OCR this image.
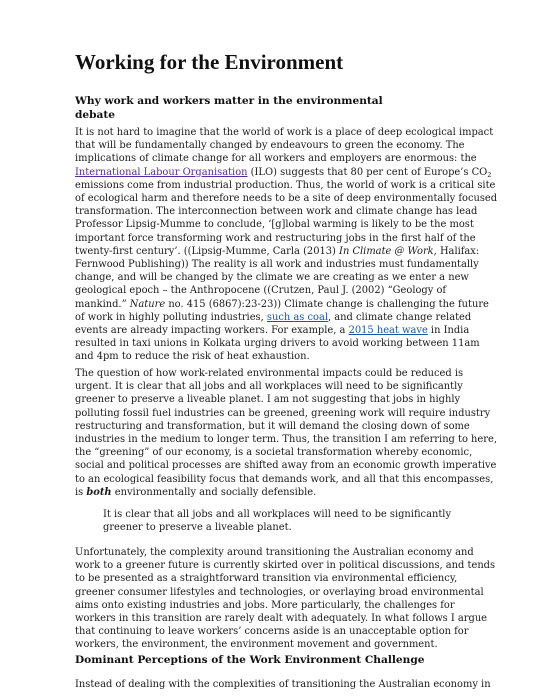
Working for the Environment
Why work and workers matter in the environmental
debate

It is not hard to imagine that the world of work is a place of deep ecological impact
that will be fundamentally changed by endeavours to green the economy. The
implications of climate change for all workers and employers are enormous: the
International Labour Organisation (ILO) suggests that 80 per cent of Europe’s $CO_2$
emissions come from industrial production. Thus, the world of work is a critical site
of ecological harm and therefore needs to be a site of deep environmentally focused
transformation. The interconnection between work and climate change has lead
Professor Lipsig-Mumme to conclude, ‘[g]lobal warming is likely to be the most
important force transforming work and restructuring jobs in the first half of the
twenty-first century’. ((Lipsig-Mumme, Carla (2013) In Climate @ Work, Halifax:
Fernwood Publishing)) The reality is all work and industries must fundamentally
change, and will be changed by the climate we are creating as we enter a new
geological epoch – the Anthropocene ((Crutzen, Paul J. (2002) “Geology of
mankind.” Nature no. 415 (6867):23-23)) Climate change is challenging the future
of work in highly polluting industries, such as coal, and climate change related
events are already impacting workers. For example, a 2015 heat wave in India
resulted in taxi unions in Kolkata urging drivers to avoid working between 11am
and 4pm to reduce the risk of heat exhaustion.

The question of how work-related environmental impacts could be reduced is
urgent. It is clear that all jobs and all workplaces will need to be significantly
greener to preserve a liveable planet. I am not suggesting that jobs in highly
polluting fossil fuel industries can be greened, greening work will require industry
restructuring and transformation, but it will demand the closing down of some
industries in the medium to longer term. Thus, the transition I am referring to here,
the “greening” of our economy, is a societal transformation whereby economic,
social and political processes are shifted away from an economic growth imperative
to an ecological feasibility focus that demands work, and all that this encompasses,
is both environmentally and socially defensible.

It is clear that all jobs and all workplaces will need to be significantly
greener to preserve a liveable planet.

Unfortunately, the complexity around transitioning the Australian economy and
work to a greener future is currently skirted over in political discussions, and tends
to be presented as a straightforward transition via environmental efficiency,
greener consumer lifestyles and technologies, or overlaying broad environmental
aims onto existing industries and jobs. More particularly, the challenges for
workers in this transition are rarely dealt with adequately. In what follows I argue
that continuing to leave workers’ concerns aside is an unacceptable option for
workers, the environment, the environment movement and government.

Dominant Perceptions of the Work Environment Challenge

Instead of dealing with the complexities of transitioning the Australian economy in
